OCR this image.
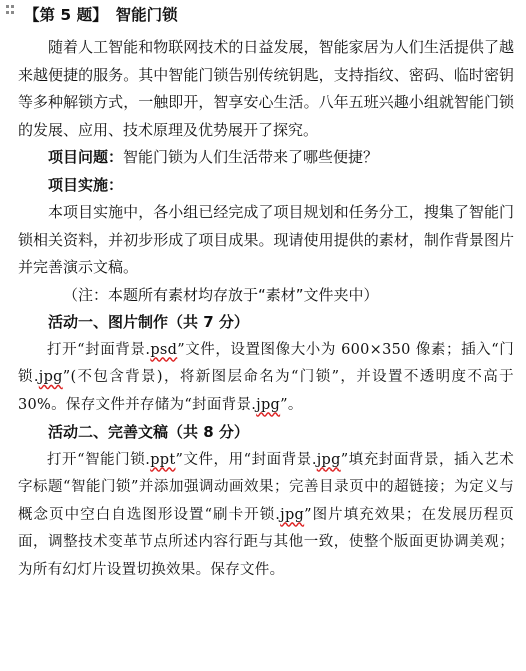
【第 5 题】 智能门锁

随着人工智能和物联网技术的日益发展，智能家居为人们生活提供了越来越便捷的服务。其中智能门锁告别传统钥匙，支持指纹、密码、临时密钥等多种解锁方式，一触即开，智享安心生活。八年五班兴趣小组就智能门锁的发展、应用、技术原理及优势展开了探究。

项目问题：智能门锁为人们生活带来了哪些便捷？

项目实施：

本项目实施中，各小组已经完成了项目规划和任务分工，搜集了智能门锁相关资料，并初步形成了项目成果。现请使用提供的素材，制作背景图片并完善演示文稿。

（注：本题所有素材均存放于“素材”文件夹中）

活动一、图片制作（共 7 分）

打开“封面背景.psd”文件，设置图像大小为 600×350 像素；插入“门锁.jpg”(不包含背景)，将新图层命名为“门锁”，并设置不透明度不高于 30%。保存文件并存储为“封面背景.jpg”。

活动二、完善文稿（共 8 分）

打开“智能门锁.ppt”文件，用“封面背景.jpg”填充封面背景，插入艺术字标题“智能门锁”并添加强调动画效果；完善目录页中的超链接；为定义与概念页中空白自选图形设置“刷卡开锁.jpg”图片填充效果；在发展历程页面，调整技术变革节点所述内容行距与其他一致，使整个版面更协调美观；为所有幻灯片设置切换效果。保存文件。
